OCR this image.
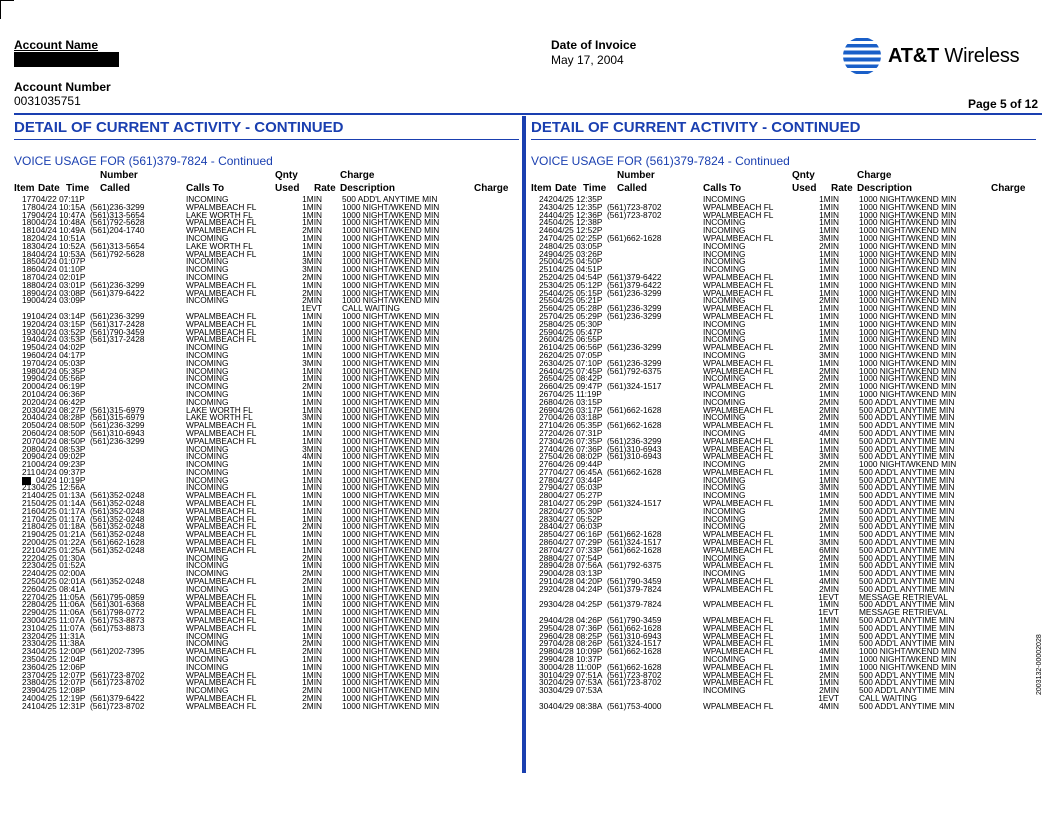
Account Name
Account Number
0031035751
Date of Invoice
May 17, 2004	AT&T Wireless
Page 5 of 12
2003132-00002028
DETAIL OF CURRENT ACTIVITY - CONTINUED
VOICE USAGE FOR (561)379-7824 - Continued
Number	Qnty	Charge
Item Date Time Called	Calls To	Used Rate Description	Charge
177 04/22 07:11P	INCOMING	1MIN 500 ADD'L ANYTIME MIN
178 04/24 10:15A (561)236-3299	WPALMBEACH FL	1MIN 1000 NIGHT/WKEND MIN
179 04/24 10:47A (561)313-5654	LAKE WORTH FL	1MIN 1000 NIGHT/WKEND MIN
180 04/24 10:48A (561)792-5628	WPALMBEACH FL	1MIN 1000 NIGHT/WKEND MIN
181 04/24 10:49A (561)204-1740	WPALMBEACH FL	2MIN 1000 NIGHT/WKEND MIN
182 04/24 10:51A	INCOMING	1MIN 1000 NIGHT/WKEND MIN
183 04/24 10:52A (561)313-5654	LAKE WORTH FL	1MIN 1000 NIGHT/WKEND MIN
184 04/24 10:53A (561)792-5628	WPALMBEACH FL	1MIN 1000 NIGHT/WKEND MIN
185 04/24 01:07P	INCOMING	3MIN 1000 NIGHT/WKEND MIN
186 04/24 01:10P	INCOMING	3MIN 1000 NIGHT/WKEND MIN
187 04/24 02:01P	INCOMING	2MIN 1000 NIGHT/WKEND MIN
188 04/24 03:01P (561)236-3299	WPALMBEACH FL	1MIN 1000 NIGHT/WKEND MIN
189 04/24 03:08P (561)379-6422	WPALMBEACH FL	2MIN 1000 NIGHT/WKEND MIN
190 04/24 03:09P	INCOMING	2MIN 1000 NIGHT/WKEND MIN
1EVT CALL WAITING
191 04/24 03:14P (561)236-3299	WPALMBEACH FL	1MIN 1000 NIGHT/WKEND MIN
192 04/24 03:15P (561)317-2428	WPALMBEACH FL	1MIN 1000 NIGHT/WKEND MIN
193 04/24 03:52P (561)790-3459	WPALMBEACH FL	1MIN 1000 NIGHT/WKEND MIN
194 04/24 03:53P (561)317-2428	WPALMBEACH FL	1MIN 1000 NIGHT/WKEND MIN
195 04/24 04:02P	INCOMING	1MIN 1000 NIGHT/WKEND MIN
196 04/24 04:17P	INCOMING	1MIN 1000 NIGHT/WKEND MIN
197 04/24 05:03P	INCOMING	3MIN 1000 NIGHT/WKEND MIN
198 04/24 05:35P	INCOMING	1MIN 1000 NIGHT/WKEND MIN
199 04/24 05:56P	INCOMING	1MIN 1000 NIGHT/WKEND MIN
200 04/24 06:19P	INCOMING	2MIN 1000 NIGHT/WKEND MIN
201 04/24 06:36P	INCOMING	1MIN 1000 NIGHT/WKEND MIN
202 04/24 06:42P	INCOMING	1MIN 1000 NIGHT/WKEND MIN
203 04/24 08:27P (561)315-6979	LAKE WORTH FL	1MIN 1000 NIGHT/WKEND MIN
204 04/24 08:28P (561)315-6979	LAKE WORTH FL	3MIN 1000 NIGHT/WKEND MIN
205 04/24 08:50P (561)236-3299	WPALMBEACH FL	1MIN 1000 NIGHT/WKEND MIN
206 04/24 08:50P (561)310-6943	WPALMBEACH FL	1MIN 1000 NIGHT/WKEND MIN
207 04/24 08:50P (561)236-3299	WPALMBEACH FL	1MIN 1000 NIGHT/WKEND MIN
208 04/24 08:53P	INCOMING	3MIN 1000 NIGHT/WKEND MIN
209 04/24 09:02P	INCOMING	4MIN 1000 NIGHT/WKEND MIN
210 04/24 09:23P	INCOMING	1MIN 1000 NIGHT/WKEND MIN
211 04/24 09:37P	INCOMING	1MIN 1000 NIGHT/WKEND MIN
04/24 10:19P	INCOMING	1MIN 1000 NIGHT/WKEND MIN
213 04/25 12:56A	INCOMING	1MIN 1000 NIGHT/WKEND MIN
214 04/25 01:13A (561)352-0248	WPALMBEACH FL	1MIN 1000 NIGHT/WKEND MIN
215 04/25 01:14A (561)352-0248	WPALMBEACH FL	1MIN 1000 NIGHT/WKEND MIN
216 04/25 01:17A (561)352-0248	WPALMBEACH FL	1MIN 1000 NIGHT/WKEND MIN
217 04/25 01:17A (561)352-0248	WPALMBEACH FL	1MIN 1000 NIGHT/WKEND MIN
218 04/25 01:18A (561)352-0248	WPALMBEACH FL	2MIN 1000 NIGHT/WKEND MIN
219 04/25 01:21A (561)352-0248	WPALMBEACH FL	1MIN 1000 NIGHT/WKEND MIN
220 04/25 01:22A (561)662-1628	WPALMBEACH FL	1MIN 1000 NIGHT/WKEND MIN
221 04/25 01:25A (561)352-0248	WPALMBEACH FL	1MIN 1000 NIGHT/WKEND MIN
222 04/25 01:30A	INCOMING	2MIN 1000 NIGHT/WKEND MIN
223 04/25 01:52A	INCOMING	1MIN 1000 NIGHT/WKEND MIN
224 04/25 02:00A	INCOMING	2MIN 1000 NIGHT/WKEND MIN
225 04/25 02:01A (561)352-0248	WPALMBEACH FL	2MIN 1000 NIGHT/WKEND MIN
226 04/25 08:41A	INCOMING	1MIN 1000 NIGHT/WKEND MIN
227 04/25 11:05A (561)795-0859	WPALMBEACH FL	1MIN 1000 NIGHT/WKEND MIN
228 04/25 11:06A (561)301-6368	WPALMBEACH FL	1MIN 1000 NIGHT/WKEND MIN
229 04/25 11:06A (561)798-0772	WPALMBEACH FL	1MIN 1000 NIGHT/WKEND MIN
230 04/25 11:07A (561)753-8873	WPALMBEACH FL	1MIN 1000 NIGHT/WKEND MIN
231 04/25 11:07A (561)753-8873	WPALMBEACH FL	1MIN 1000 NIGHT/WKEND MIN
232 04/25 11:31A	INCOMING	1MIN 1000 NIGHT/WKEND MIN
233 04/25 11:38A	INCOMING	2MIN 1000 NIGHT/WKEND MIN
234 04/25 12:00P (561)202-7395	WPALMBEACH FL	2MIN 1000 NIGHT/WKEND MIN
235 04/25 12:04P	INCOMING	1MIN 1000 NIGHT/WKEND MIN
236 04/25 12:06P	INCOMING	1MIN 1000 NIGHT/WKEND MIN
237 04/25 12:07P (561)723-8702	WPALMBEACH FL	1MIN 1000 NIGHT/WKEND MIN
238 04/25 12:07P (561)723-8702	WPALMBEACH FL	1MIN 1000 NIGHT/WKEND MIN
239 04/25 12:08P	INCOMING	2MIN 1000 NIGHT/WKEND MIN
240 04/25 12:19P (561)379-6422	WPALMBEACH FL	2MIN 1000 NIGHT/WKEND MIN
241 04/25 12:31P (561)723-8702	WPALMBEACH FL	2MIN 1000 NIGHT/WKEND MIN
DETAIL OF CURRENT ACTIVITY - CONTINUED
VOICE USAGE FOR (561)379-7824 - Continued
Number	Qnty	Charge
Item Date Time Called	Calls To	Used Rate Description	Charge
242 04/25 12:35P	INCOMING	1MIN 1000 NIGHT/WKEND MIN
243 04/25 12:35P (561)723-8702	WPALMBEACH FL	1MIN 1000 NIGHT/WKEND MIN
244 04/25 12:36P (561)723-8702	WPALMBEACH FL	1MIN 1000 NIGHT/WKEND MIN
245 04/25 12:38P	INCOMING	1MIN 1000 NIGHT/WKEND MIN
246 04/25 12:52P	INCOMING	1MIN 1000 NIGHT/WKEND MIN
247 04/25 02:25P (561)662-1628	WPALMBEACH FL	3MIN 1000 NIGHT/WKEND MIN
248 04/25 03:05P	INCOMING	2MIN 1000 NIGHT/WKEND MIN
249 04/25 03:26P	INCOMING	1MIN 1000 NIGHT/WKEND MIN
250 04/25 04:50P	INCOMING	1MIN 1000 NIGHT/WKEND MIN
251 04/25 04:51P	INCOMING	1MIN 1000 NIGHT/WKEND MIN
252 04/25 04:54P (561)379-6422	WPALMBEACH FL	1MIN 1000 NIGHT/WKEND MIN
253 04/25 05:12P (561)379-6422	WPALMBEACH FL	1MIN 1000 NIGHT/WKEND MIN
254 04/25 05:15P (561)236-3299	WPALMBEACH FL	1MIN 1000 NIGHT/WKEND MIN
255 04/25 05:21P	INCOMING	2MIN 1000 NIGHT/WKEND MIN
256 04/25 05:28P (561)236-3299	WPALMBEACH FL	1MIN 1000 NIGHT/WKEND MIN
257 04/25 05:29P (561)236-3299	WPALMBEACH FL	1MIN 1000 NIGHT/WKEND MIN
258 04/25 05:30P	INCOMING	1MIN 1000 NIGHT/WKEND MIN
259 04/25 05:47P	INCOMING	1MIN 1000 NIGHT/WKEND MIN
260 04/25 06:55P	INCOMING	1MIN 1000 NIGHT/WKEND MIN
261 04/25 06:56P (561)236-3299	WPALMBEACH FL	2MIN 1000 NIGHT/WKEND MIN
262 04/25 07:05P	INCOMING	3MIN 1000 NIGHT/WKEND MIN
263 04/25 07:10P (561)236-3299	WPALMBEACH FL	1MIN 1000 NIGHT/WKEND MIN
264 04/25 07:45P (561)792-6375	WPALMBEACH FL	2MIN 1000 NIGHT/WKEND MIN
265 04/25 08:42P	INCOMING	2MIN 1000 NIGHT/WKEND MIN
266 04/25 09:47P (561)324-1517	WPALMBEACH FL	2MIN 1000 NIGHT/WKEND MIN
267 04/25 11:19P	INCOMING	1MIN 1000 NIGHT/WKEND MIN
268 04/26 03:15P	INCOMING	2MIN 500 ADD'L ANYTIME MIN
269 04/26 03:17P (561)662-1628	WPALMBEACH FL	2MIN 500 ADD'L ANYTIME MIN
270 04/26 03:18P	INCOMING	2MIN 500 ADD'L ANYTIME MIN
271 04/26 05:35P (561)662-1628	WPALMBEACH FL	1MIN 500 ADD'L ANYTIME MIN
272 04/26 07:31P	INCOMING	4MIN 500 ADD'L ANYTIME MIN
273 04/26 07:35P (561)236-3299	WPALMBEACH FL	1MIN 500 ADD'L ANYTIME MIN
274 04/26 07:36P (561)310-6943	WPALMBEACH FL	1MIN 500 ADD'L ANYTIME MIN
275 04/26 08:02P (561)310-6943	WPALMBEACH FL	3MIN 500 ADD'L ANYTIME MIN
276 04/26 09:44P	INCOMING	2MIN 1000 NIGHT/WKEND MIN
277 04/27 06:45A (561)662-1628	WPALMBEACH FL	1MIN 500 ADD'L ANYTIME MIN
278 04/27 03:44P	INCOMING	1MIN 500 ADD'L ANYTIME MIN
279 04/27 05:03P	INCOMING	3MIN 500 ADD'L ANYTIME MIN
280 04/27 05:27P	INCOMING	1MIN 500 ADD'L ANYTIME MIN
281 04/27 05:29P (561)324-1517	WPALMBEACH FL	1MIN 500 ADD'L ANYTIME MIN
282 04/27 05:30P	INCOMING	2MIN 500 ADD'L ANYTIME MIN
283 04/27 05:52P	INCOMING	1MIN 500 ADD'L ANYTIME MIN
284 04/27 06:03P	INCOMING	2MIN 500 ADD'L ANYTIME MIN
285 04/27 06:16P (561)662-1628	WPALMBEACH FL	1MIN 500 ADD'L ANYTIME MIN
286 04/27 07:29P (561)324-1517	WPALMBEACH FL	3MIN 500 ADD'L ANYTIME MIN
287 04/27 07:33P (561)662-1628	WPALMBEACH FL	6MIN 500 ADD'L ANYTIME MIN
288 04/27 07:54P	INCOMING	2MIN 500 ADD'L ANYTIME MIN
289 04/28 07:56A (561)792-6375	WPALMBEACH FL	1MIN 500 ADD'L ANYTIME MIN
290 04/28 03:13P	INCOMING	1MIN 500 ADD'L ANYTIME MIN
291 04/28 04:20P (561)790-3459	WPALMBEACH FL	4MIN 500 ADD'L ANYTIME MIN
292 04/28 04:24P (561)379-7824	WPALMBEACH FL	2MIN 500 ADD'L ANYTIME MIN
1EVT MESSAGE RETRIEVAL
293 04/28 04:25P (561)379-7824	WPALMBEACH FL	1MIN 500 ADD'L ANYTIME MIN
1EVT MESSAGE RETRIEVAL
294 04/28 04:26P (561)790-3459	WPALMBEACH FL	1MIN 500 ADD'L ANYTIME MIN
295 04/28 07:36P (561)662-1628	WPALMBEACH FL	1MIN 500 ADD'L ANYTIME MIN
296 04/28 08:25P (561)310-6943	WPALMBEACH FL	1MIN 500 ADD'L ANYTIME MIN
297 04/28 08:26P (561)324-1517	WPALMBEACH FL	1MIN 500 ADD'L ANYTIME MIN
298 04/28 10:09P (561)662-1628	WPALMBEACH FL	4MIN 1000 NIGHT/WKEND MIN
299 04/28 10:37P	INCOMING	1MIN 1000 NIGHT/WKEND MIN
300 04/28 11:00P (561)662-1628	WPALMBEACH FL	1MIN 1000 NIGHT/WKEND MIN
301 04/29 07:51A (561)723-8702	WPALMBEACH FL	2MIN 500 ADD'L ANYTIME MIN
302 04/29 07:53A (561)723-8702	WPALMBEACH FL	1MIN 500 ADD'L ANYTIME MIN
303 04/29 07:53A	INCOMING	2MIN 500 ADD'L ANYTIME MIN
1EVT CALL WAITING
304 04/29 08:38A (561)753-4000	WPALMBEACH FL	4MIN 500 ADD'L ANYTIME MIN
